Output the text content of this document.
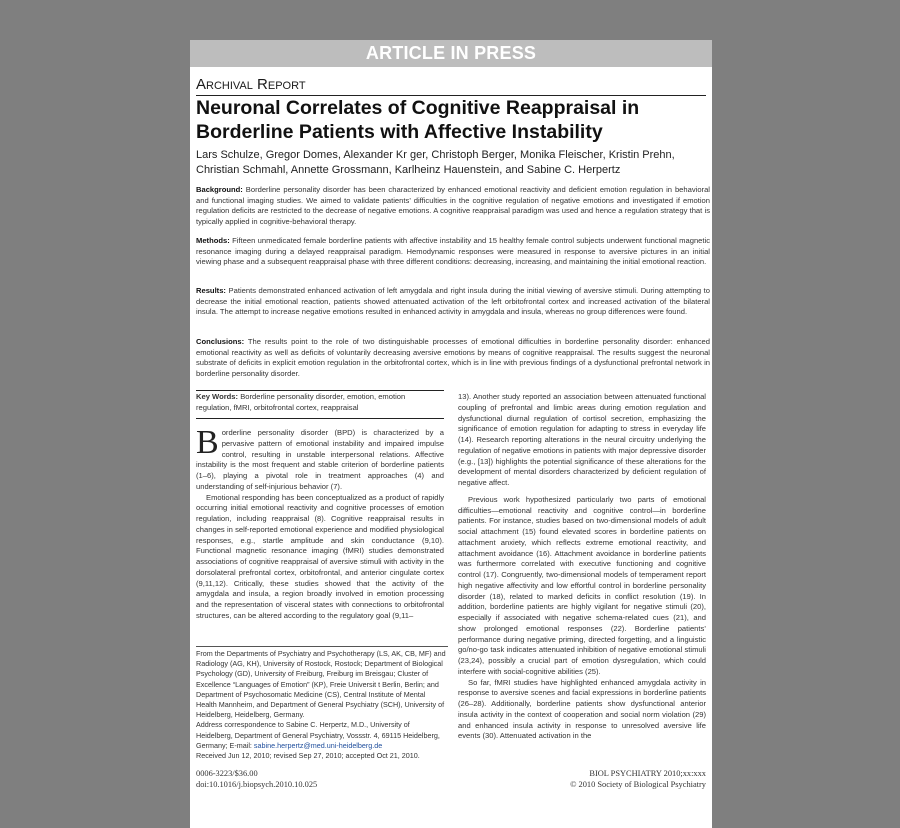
ARTICLE IN PRESS
Archival Report
Neuronal Correlates of Cognitive Reappraisal in Borderline Patients with Affective Instability
Lars Schulze, Gregor Domes, Alexander Kr ger, Christoph Berger, Monika Fleischer, Kristin Prehn, Christian Schmahl, Annette Grossmann, Karlheinz Hauenstein, and Sabine C. Herpertz
Background: Borderline personality disorder has been characterized by enhanced emotional reactivity and deficient emotion regulation in behavioral and functional imaging studies. We aimed to validate patients’ difficulties in the cognitive regulation of negative emotions and investigated if emotion regulation deficits are restricted to the decrease of negative emotions. A cognitive reappraisal paradigm was used and hence a regulation strategy that is typically applied in cognitive-behavioral therapy.
Methods: Fifteen unmedicated female borderline patients with affective instability and 15 healthy female control subjects underwent functional magnetic resonance imaging during a delayed reappraisal paradigm. Hemodynamic responses were measured in response to aversive pictures in an initial viewing phase and a subsequent reappraisal phase with three different conditions: decreasing, increasing, and maintaining the initial emotional reaction.
Results: Patients demonstrated enhanced activation of left amygdala and right insula during the initial viewing of aversive stimuli. During attempting to decrease the initial emotional reaction, patients showed attenuated activation of the left orbitofrontal cortex and increased activation of the bilateral insula. The attempt to increase negative emotions resulted in enhanced activity in amygdala and insula, whereas no group differences were found.
Conclusions: The results point to the role of two distinguishable processes of emotional difficulties in borderline personality disorder: enhanced emotional reactivity as well as deficits of voluntarily decreasing aversive emotions by means of cognitive reappraisal. The results suggest the neuronal substrate of deficits in explicit emotion regulation in the orbitofrontal cortex, which is in line with previous findings of a dysfunctional prefrontal network in borderline personality disorder.
Key Words: Borderline personality disorder, emotion, emotion regulation, fMRI, orbitofrontal cortex, reappraisal

Borderline personality disorder (BPD) is characterized by a pervasive pattern of emotional instability and impaired impulse control, resulting in unstable interpersonal relations. Affective instability is the most frequent and stable criterion of borderline patients (1–6), playing a pivotal role in treatment approaches (4) and understanding of self-injurious behavior (7).

Emotional responding has been conceptualized as a product of rapidly occurring initial emotional reactivity and cognitive processes of emotion regulation, including reappraisal (8). Cognitive reappraisal results in changes in self-reported emotional experience and modified physiological responses, e.g., startle amplitude and skin conductance (9,10). Functional magnetic resonance imaging (fMRI) studies demonstrated associations of cognitive reappraisal of aversive stimuli with activity in the dorsolateral prefrontal cortex, orbitofrontal, and anterior cingulate cortex (9,11,12). Critically, these studies showed that the activity of the amygdala and insula, a region broadly involved in emotion processing and the representation of visceral states with connections to orbitofrontal structures, can be altered according to the regulatory goal (9,11–

13). Another study reported an association between attenuated functional coupling of prefrontal and limbic areas during emotion regulation and dysfunctional diurnal regulation of cortisol secretion, emphasizing the significance of emotion regulation for adapting to stress in everyday life (14). Research reporting alterations in the neural circuitry underlying the regulation of negative emotions in patients with major depressive disorder (e.g., [13]) highlights the potential significance of these alterations for the development of mental disorders characterized by deficient regulation of negative affect.

Previous work hypothesized particularly two parts of emotional difficulties—emotional reactivity and cognitive control—in borderline patients. For instance, studies based on two-dimensional models of adult social attachment (15) found elevated scores in borderline patients on attachment anxiety, which reflects extreme emotional reactivity, and attachment avoidance (16). Attachment avoidance in borderline patients was furthermore correlated with executive functioning and cognitive control (17). Congruently, two-dimensional models of temperament report high negative affectivity and low effortful control in borderline personality disorder (18), related to marked deficits in conflict resolution (19). In addition, borderline patients are highly vigilant for negative stimuli (20), especially if associated with negative schema-related cues (21), and show prolonged emotional responses (22). Borderline patients’ performance during negative priming, directed forgetting, and a linguistic go/no-go task indicates attenuated inhibition of negative emotional stimuli (23,24), possibly a crucial part of emotion dysregulation, which could interfere with social-cognitive abilities (25).

So far, fMRI studies have highlighted enhanced amygdala activity in response to aversive scenes and facial expressions in borderline patients (26–28). Additionally, borderline patients show dysfunctional anterior insula activity in the context of cooperation and social norm violation (29) and enhanced insula activity in response to unresolved aversive life events (30). Attenuated activation in the

From the Departments of Psychiatry and Psychotherapy (LS, AK, CB, MF) and Radiology (AG, KH), University of Rostock, Rostock; Department of Biological Psychology (GD), University of Freiburg, Freiburg im Breisgau; Cluster of Excellence “Languages of Emotion” (KP), Freie Universit t Berlin, Berlin; and Department of Psychosomatic Medicine (CS), Central Institute of Mental Health Mannheim, and Department of General Psychiatry (SCH), University of Heidelberg, Heidelberg, Germany.

Address correspondence to Sabine C. Herpertz, M.D., University of Heidelberg, Department of General Psychiatry, Vossstr. 4, 69115 Heidelberg, Germany; E-mail: sabine.herpertz@med.uni-heidelberg.de

Received Jun 12, 2010; revised Sep 27, 2010; accepted Oct 21, 2010.

0006-3223/$36.00
doi:10.1016/j.biopsych.2010.10.025
BIOL PSYCHIATRY 2010;xx:xxx
© 2010 Society of Biological Psychiatry
